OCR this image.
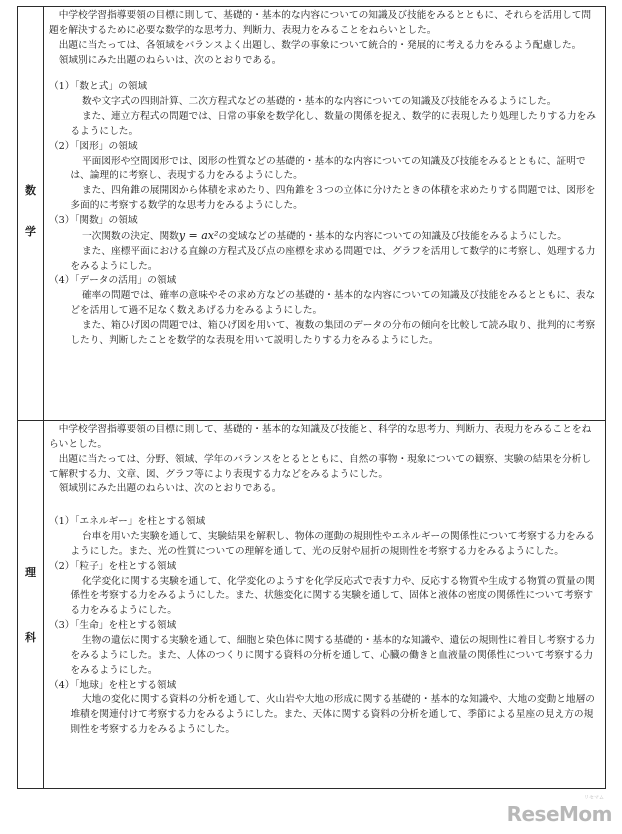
数
学

中学校学習指導要領の目標に則して、基礎的・基本的な内容についての知識及び技能をみるとともに、それらを活用して問題を解決するために必要な数学的な思考力、判断力、表現力をみることをねらいとした。

出題に当たっては、各領域をバランスよく出題し、数学の事象について統合的・発展的に考える力をみるよう配慮した。

領域別にみた出題のねらいは、次のとおりである。

（1）「数と式」の領域

数や文字式の四則計算、二次方程式などの基礎的・基本的な内容についての知識及び技能をみるようにした。

また、連立方程式の問題では、日常の事象を数学化し、数量の関係を捉え、数学的に表現したり処理したりする力をみるようにした。

（2）「図形」の領域

平面図形や空間図形では、図形の性質などの基礎的・基本的な内容についての知識及び技能をみるとともに、証明では、論理的に考察し、表現する力をみるようにした。

また、四角錐の展開図から体積を求めたり、四角錐を３つの立体に分けたときの体積を求めたりする問題では、図形を多面的に考察する数学的な思考力をみるようにした。

（3）「関数」の領域

一次関数の決定、関数y = ax²の変域などの基礎的・基本的な内容についての知識及び技能をみるようにした。

また、座標平面における直線の方程式及び点の座標を求める問題では、グラフを活用して数学的に考察し、処理する力をみるようにした。

（4）「データの活用」の領域

確率の問題では、確率の意味やその求め方などの基礎的・基本的な内容についての知識及び技能をみるとともに、表などを活用して過不足なく数えあげる力をみるようにした。

また、箱ひげ図の問題では、箱ひげ図を用いて、複数の集団のデータの分布の傾向を比較して読み取り、批判的に考察したり、判断したことを数学的な表現を用いて説明したりする力をみるようにした。

理
科

中学校学習指導要領の目標に則して、基礎的・基本的な知識及び技能と、科学的な思考力、判断力、表現力をみることをねらいとした。

出題に当たっては、分野、領域、学年のバランスをとるとともに、自然の事物・現象についての観察、実験の結果を分析して解釈する力、文章、図、グラフ等により表現する力などをみるようにした。

領域別にみた出題のねらいは、次のとおりである。

（1）「エネルギー」を柱とする領域

台車を用いた実験を通して、実験結果を解釈し、物体の運動の規則性やエネルギーの関係性について考察する力をみるようにした。また、光の性質についての理解を通して、光の反射や屈折の規則性を考察する力をみるようにした。

（2）「粒子」を柱とする領域

化学変化に関する実験を通して、化学変化のようすを化学反応式で表す力や、反応する物質や生成する物質の質量の関係性を考察する力をみるようにした。また、状態変化に関する実験を通して、固体と液体の密度の関係性について考察する力をみるようにした。

（3）「生命」を柱とする領域

生物の遺伝に関する実験を通して、細胞と染色体に関する基礎的・基本的な知識や、遺伝の規則性に着目し考察する力をみるようにした。また、人体のつくりに関する資料の分析を通して、心臓の働きと血液量の関係性について考察する力をみるようにした。

（4）「地球」を柱とする領域

大地の変化に関する資料の分析を通して、火山岩や大地の形成に関する基礎的・基本的な知識や、大地の変動と地層の堆積を関連付けて考察する力をみるようにした。また、天体に関する資料の分析を通して、季節による星座の見え方の規則性を考察する力をみるようにした。

リセマム
ReseMom
